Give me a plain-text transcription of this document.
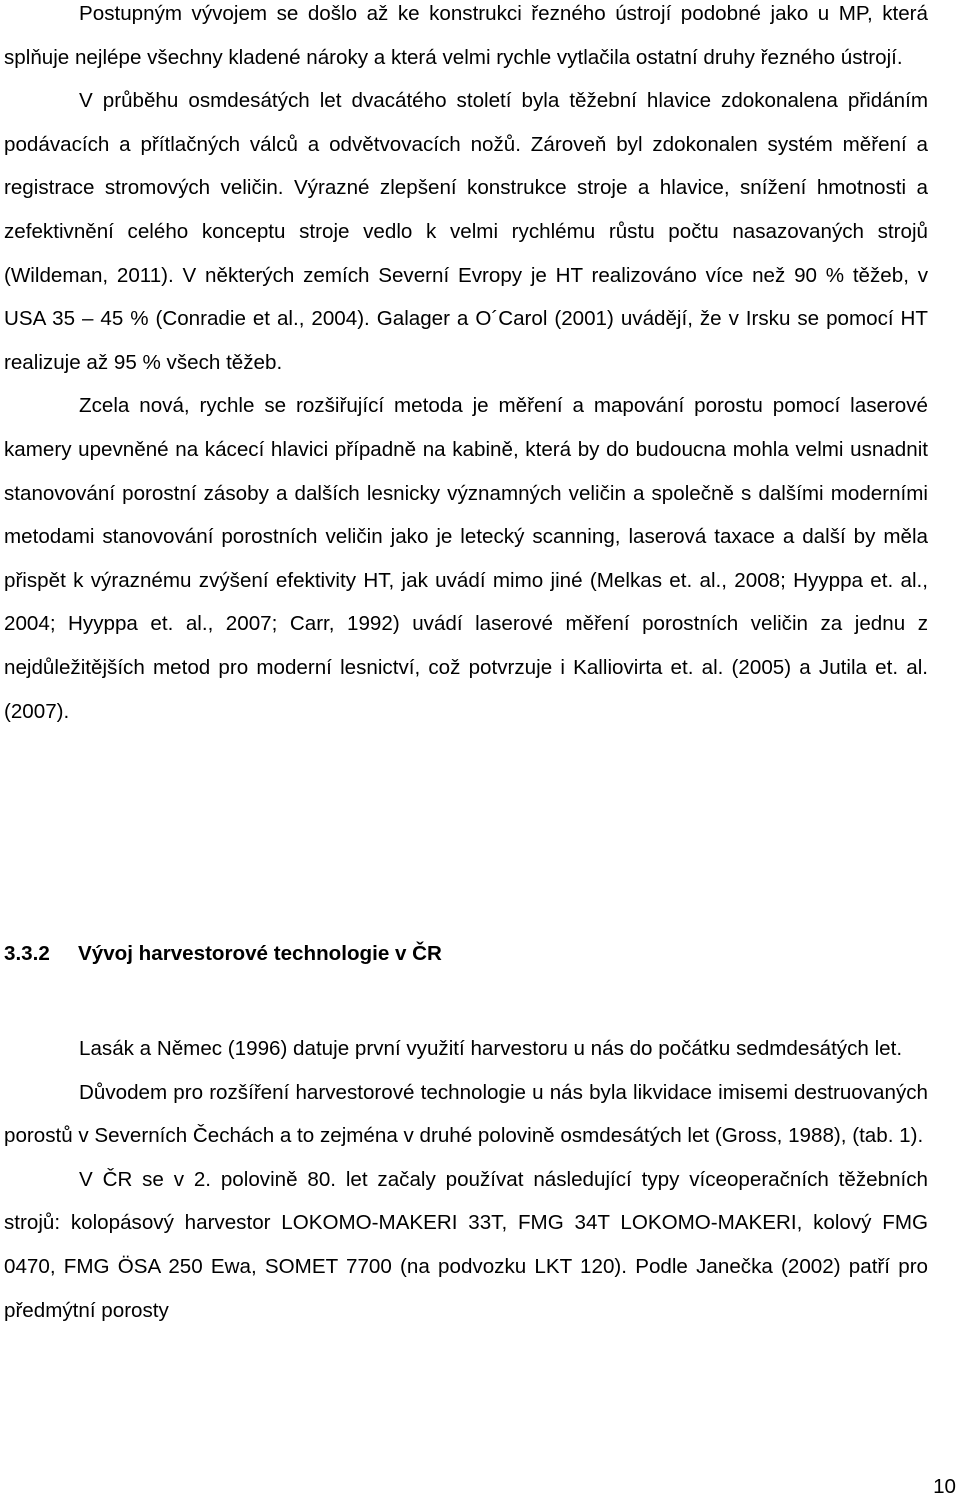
Postupným vývojem se došlo až ke konstrukci řezného ústrojí podobné jako u MP, která splňuje nejlépe všechny kladené nároky a která velmi rychle vytlačila ostatní druhy řezného ústrojí.

V průběhu osmdesátých let dvacátého století byla těžební hlavice zdokonalena přidáním podávacích a přítlačných válců a odvětvovacích nožů. Zároveň byl zdokonalen systém měření a registrace stromových veličin. Výrazné zlepšení konstrukce stroje a hlavice, snížení hmotnosti a zefektivnění celého konceptu stroje vedlo k velmi rychlému růstu počtu nasazovaných strojů (Wildeman, 2011). V některých zemích Severní Evropy je HT realizováno více než 90 % těžeb, v USA 35 – 45 % (Conradie et al., 2004). Galager a O´Carol (2001) uvádějí, že v Irsku se pomocí HT realizuje až 95 % všech těžeb.

Zcela nová, rychle se rozšiřující metoda je měření a mapování porostu pomocí laserové kamery upevněné na kácecí hlavici případně na kabině, která by do budoucna mohla velmi usnadnit stanovování porostní zásoby a dalších lesnicky významných veličin a společně s dalšími moderními metodami stanovování porostních veličin jako je letecký scanning, laserová taxace a další by měla přispět k výraznému zvýšení efektivity HT, jak uvádí mimo jiné (Melkas et. al., 2008; Hyyppa et. al., 2004; Hyyppa et. al., 2007; Carr, 1992) uvádí laserové měření porostních veličin za jednu z nejdůležitějších metod pro moderní lesnictví, což potvrzuje i Kalliovirta et. al. (2005) a Jutila et. al. (2007).

3.3.2 Vývoj harvestorové technologie v ČR

Lasák a Němec (1996) datuje první využití harvestoru u nás do počátku sedmdesátých let.

Důvodem pro rozšíření harvestorové technologie u nás byla likvidace imisemi destruovaných porostů v Severních Čechách a to zejména v druhé polovině osmdesátých let (Gross, 1988), (tab. 1).

V ČR se v 2. polovině 80. let začaly používat následující typy víceoperačních těžebních strojů: kolopásový harvestor LOKOMO-MAKERI 33T, FMG 34T LOKOMO-MAKERI, kolový FMG 0470, FMG ÖSA 250 Ewa, SOMET 7700 (na podvozku LKT 120). Podle Janečka (2002) patří pro předmýtní porosty

10
